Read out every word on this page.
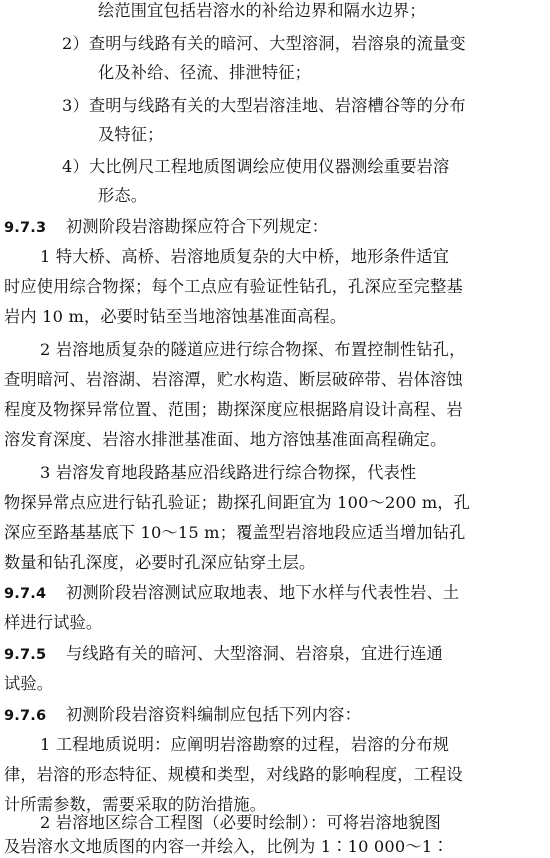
绘范围宜包括岩溶水的补给边界和隔水边界；
2）查明与线路有关的暗河、大型溶洞，岩溶泉的流量变
化及补给、径流、排泄特征；
3）查明与线路有关的大型岩溶洼地、岩溶槽谷等的分布
及特征；
4）大比例尺工程地质图调绘应使用仪器测绘重要岩溶
形态。
9.7.3 初测阶段岩溶勘探应符合下列规定：
1 特大桥、高桥、岩溶地质复杂的大中桥，地形条件适宜
时应使用综合物探；每个工点应有验证性钻孔，孔深应至完整基
岩内 10 m，必要时钻至当地溶蚀基准面高程。
2 岩溶地质复杂的隧道应进行综合物探、布置控制性钻孔，
查明暗河、岩溶湖、岩溶潭，贮水构造、断层破碎带、岩体溶蚀
程度及物探异常位置、范围；勘探深度应根据路肩设计高程、岩
溶发育深度、岩溶水排泄基准面、地方溶蚀基准面高程确定。
3 岩溶发育地段路基应沿线路进行综合物探，代表性
物探异常点应进行钻孔验证；勘探孔间距宜为 100～200 m，孔
深应至路基基底下 10～15 m；覆盖型岩溶地段应适当增加钻孔
数量和钻孔深度，必要时孔深应钻穿土层。
9.7.4 初测阶段岩溶测试应取地表、地下水样与代表性岩、土
样进行试验。
9.7.5 与线路有关的暗河、大型溶洞、岩溶泉，宜进行连通
试验。
9.7.6 初测阶段岩溶资料编制应包括下列内容：
1 工程地质说明：应阐明岩溶勘察的过程，岩溶的分布规
律，岩溶的形态特征、规模和类型，对线路的影响程度，工程设
计所需参数，需要采取的防治措施。
2 岩溶地区综合工程图（必要时绘制）：可将岩溶地貌图
及岩溶水文地质图的内容一并绘入，比例为 1∶10 000～1∶
